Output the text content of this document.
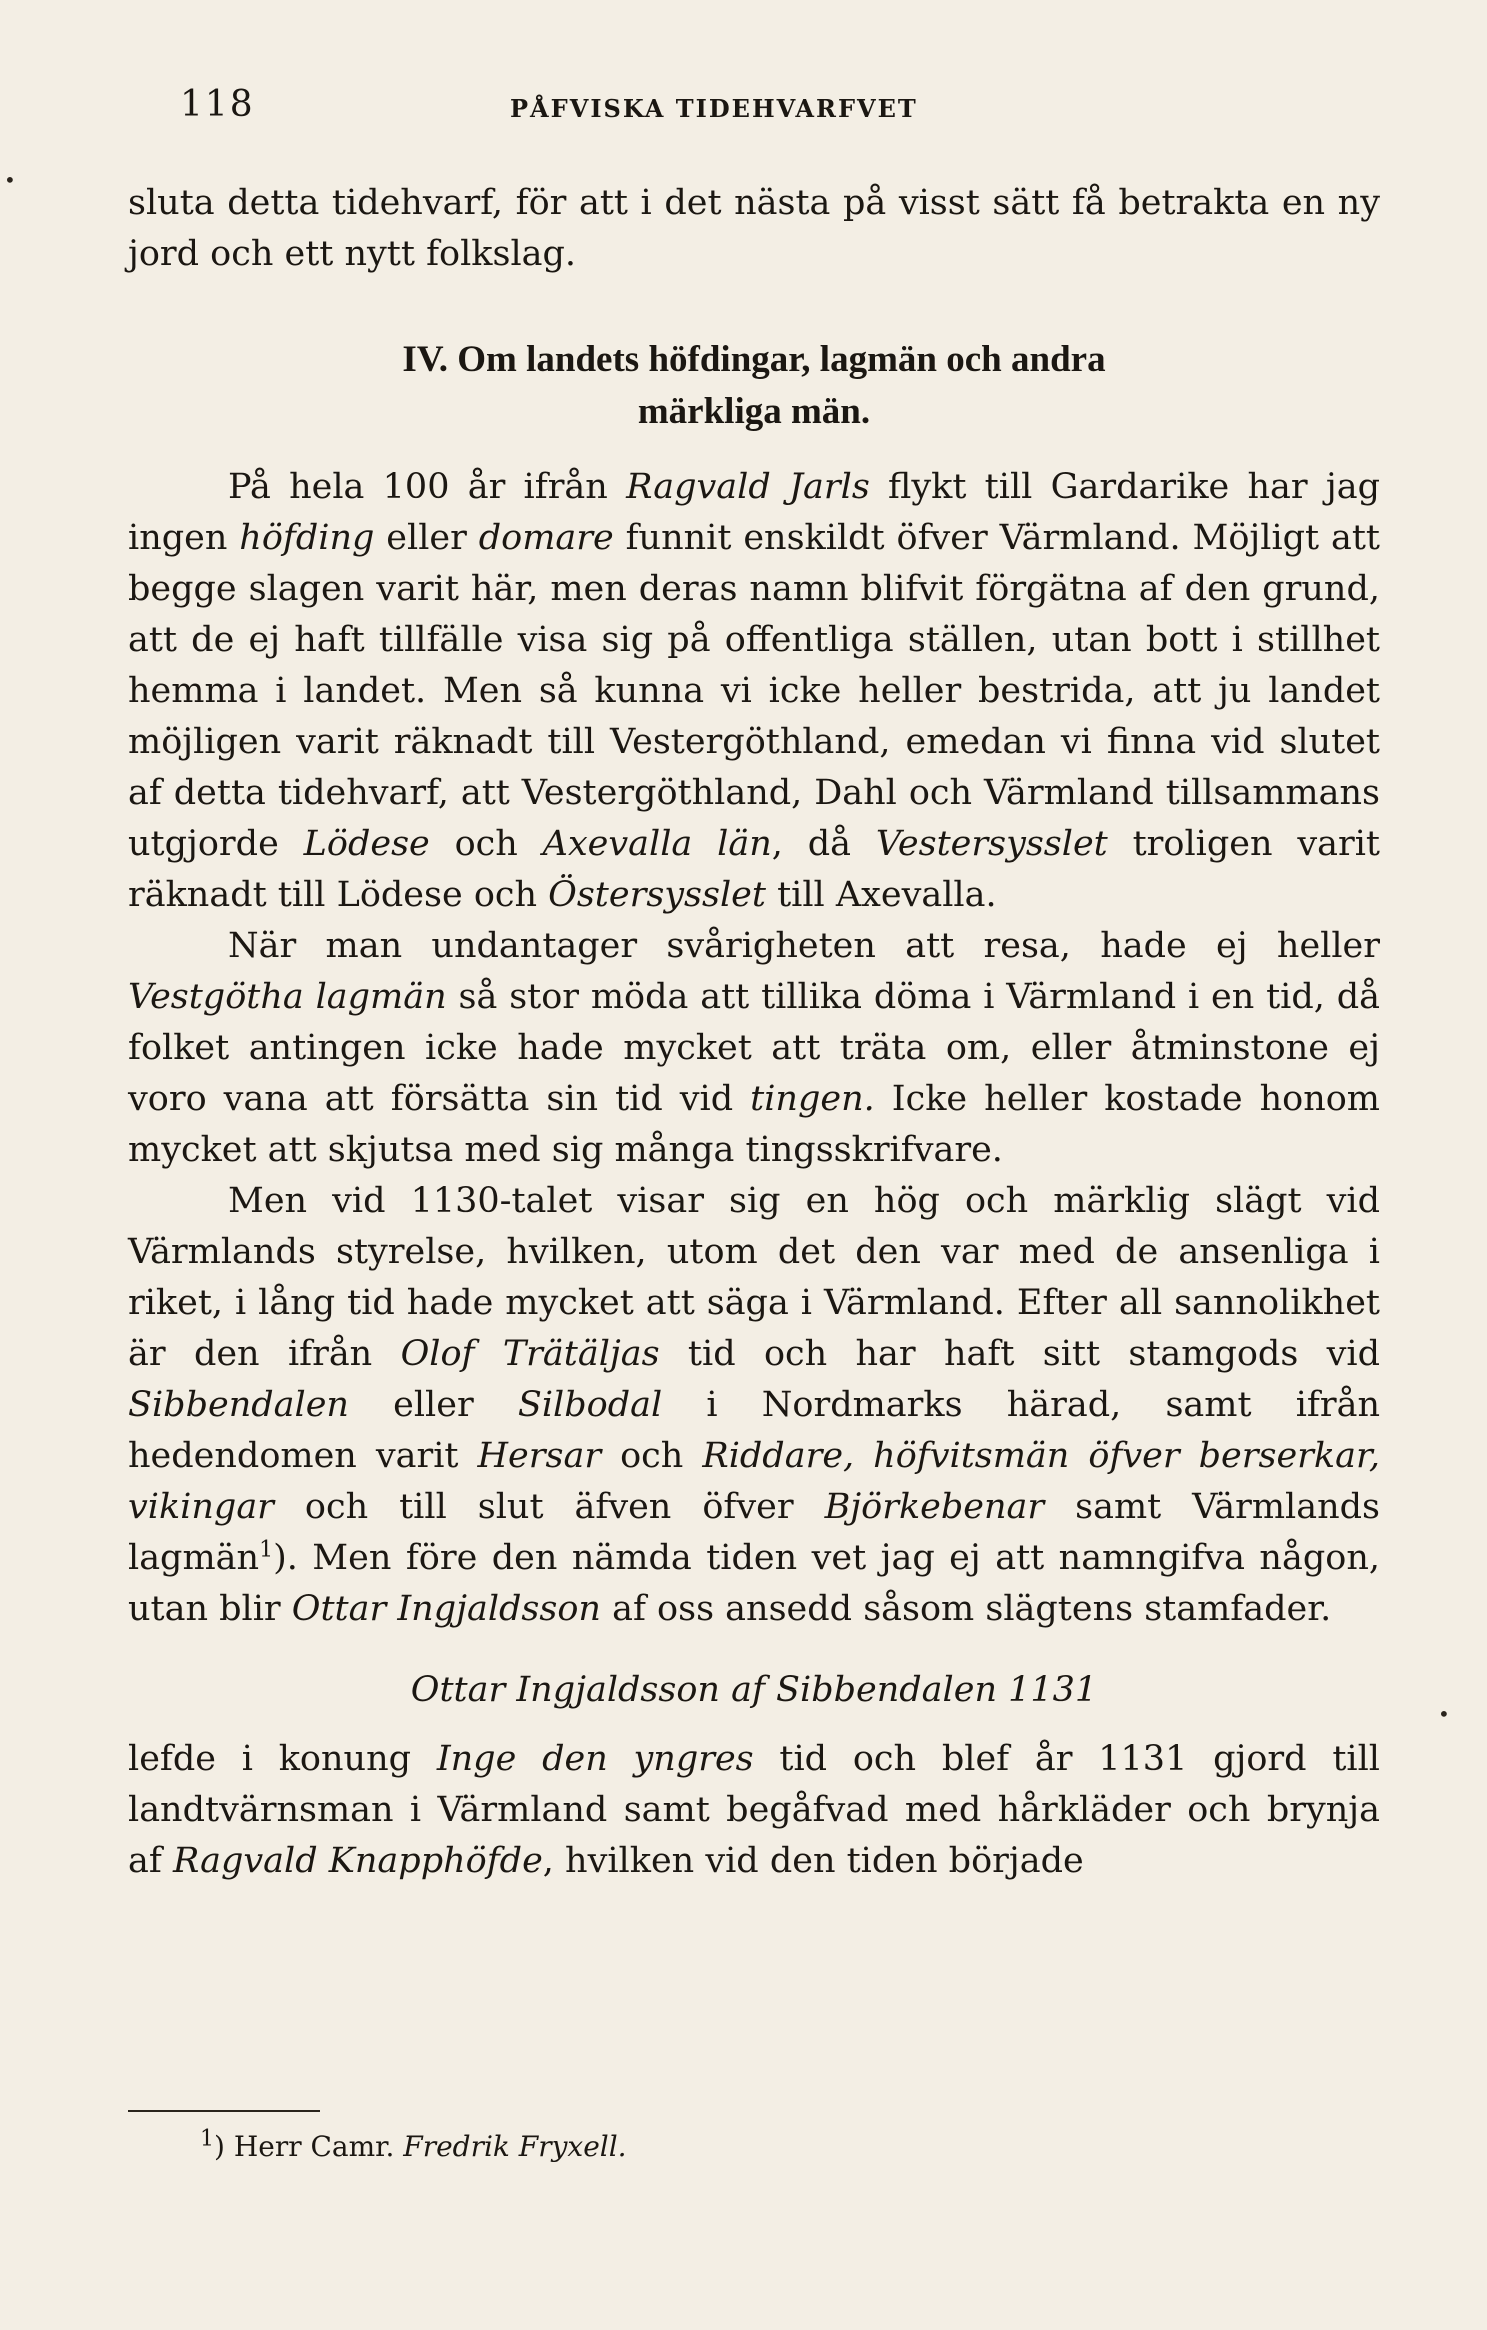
118	PÅFVISKA TIDEHVARFVET

sluta detta tidehvarf, för att i det nästa på visst sätt få betrakta en ny jord och ett nytt folkslag.

IV. Om landets höfdingar, lagmän och andra
märkliga män.

På hela 100 år ifrån Ragvald Jarls flykt till Gardarike har jag ingen höfding eller domare funnit enskildt öfver Värmland. Möjligt att begge slagen varit här, men deras namn blifvit förgätna af den grund, att de ej haft tillfälle visa sig på offentliga ställen, utan bott i stillhet hemma i landet. Men så kunna vi icke heller bestrida, att ju landet möjligen varit räknadt till Vestergöthland, emedan vi finna vid slutet af detta tidehvarf, att Vestergöthland, Dahl och Värmland tillsammans utgjorde Lödese och Axevalla län, då Vestersysslet troligen varit räknadt till Lödese och Östersysslet till Axevalla.

När man undantager svårigheten att resa, hade ej heller Vestgötha lagmän så stor möda att tillika döma i Värmland i en tid, då folket antingen icke hade mycket att träta om, eller åtminstone ej voro vana att försätta sin tid vid tingen. Icke heller kostade honom mycket att skjutsa med sig många tingsskrifvare.

Men vid 1130-talet visar sig en hög och märklig slägt vid Värmlands styrelse, hvilken, utom det den var med de ansenliga i riket, i lång tid hade mycket att säga i Värmland. Efter all sannolikhet är den ifrån Olof Trätäljas tid och har haft sitt stamgods vid Sibbendalen eller Silbodal i Nordmarks härad, samt ifrån hedendomen varit Hersar och Riddare, höfvitsmän öfver berserkar, vikingar och till slut äfven öfver Björkebenar samt Värmlands lagmän$^1$). Men före den nämda tiden vet jag ej att namngifva någon, utan blir Ottar Ingjaldsson af oss ansedd såsom slägtens stamfader.

Ottar Ingjaldsson af Sibbendalen 1131

lefde i konung Inge den yngres tid och blef år 1131 gjord till landtvärnsman i Värmland samt begåfvad med hårkläder och brynja af Ragvald Knapphöfde, hvilken vid den tiden började

$^1$) Herr Camr. Fredrik Fryxell.
•
•
